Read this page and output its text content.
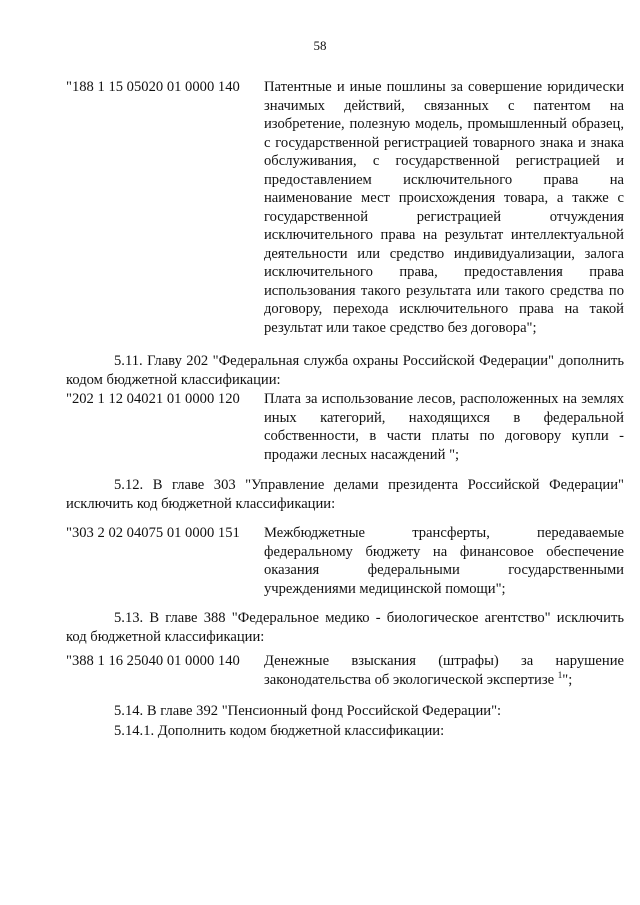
58
"188 1 15 05020 01 0000 140 Патентные и иные пошлины за совершение юридически значимых действий, связанных с патентом на изобретение, полезную модель, промышленный образец, с государственной регистрацией товарного знака и знака обслуживания, с государственной регистрацией и предоставлением исключительного права на наименование мест происхождения товара, а также с государственной регистрацией отчуждения исключительного права на результат интеллектуальной деятельности или средство индивидуализации, залога исключительного права, предоставления права использования такого результата или такого средства по договору, перехода исключительного права на такой результат или такое средство без договора";
5.11. Главу 202 "Федеральная служба охраны Российской Федерации" дополнить кодом бюджетной классификации:
"202 1 12 04021 01 0000 120 Плата за использование лесов, расположенных на землях иных категорий, находящихся в федеральной собственности, в части платы по договору купли - продажи лесных насаждений ";
5.12. В главе 303 "Управление делами президента Российской Федерации" исключить код бюджетной классификации:
"303 2 02 04075 01 0000 151 Межбюджетные трансферты, передаваемые федеральному бюджету на финансовое обеспечение оказания федеральными государственными учреждениями медицинской помощи";
5.13. В главе 388 "Федеральное медико - биологическое агентство" исключить код бюджетной классификации:
"388 1 16 25040 01 0000 140 Денежные взыскания (штрафы) за нарушение законодательства об экологической экспертизе $^1$";
5.14. В главе 392 "Пенсионный фонд Российской Федерации":
5.14.1. Дополнить кодом бюджетной классификации:
